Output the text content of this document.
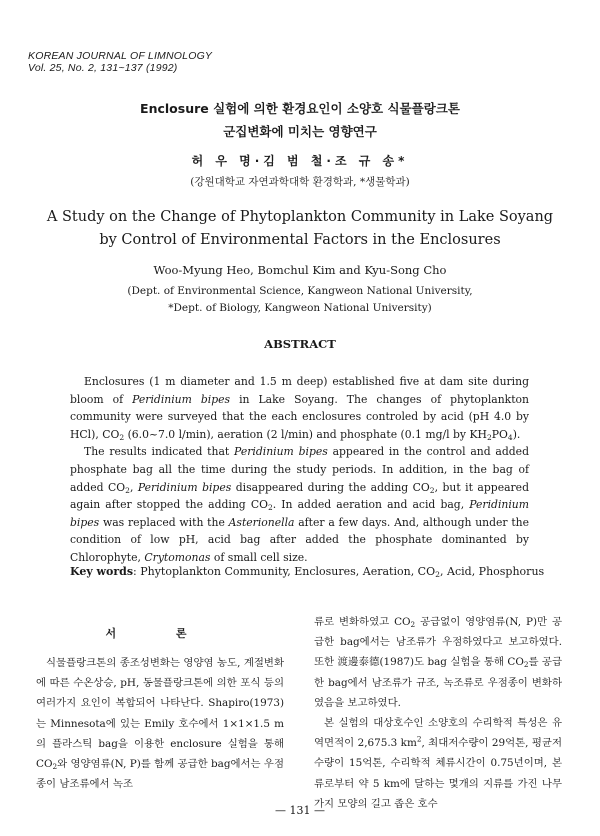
KOREAN JOURNAL OF LIMNOLOGY
Vol. 25, No. 2, 131~137 (1992)
Enclosure 실험에 의한 환경요인이 소양호 식물플랑크톤
군집변화에 미치는 영향연구
허 우 명·김 범 철·조 규 송*
(강원대학교 자연과학대학 환경학과, *생물학과)
A Study on the Change of Phytoplankton Community in Lake Soyang
by Control of Environmental Factors in the Enclosures
Woo-Myung Heo, Bomchul Kim and Kyu-Song Cho
(Dept. of Environmental Science, Kangweon National University,
*Dept. of Biology, Kangweon National University)
ABSTRACT

Enclosures (1 m diameter and 1.5 m deep) established five at dam site during bloom of Peridinium bipes in Lake Soyang. The changes of phytoplankton community were surveyed that the each enclosures controled by acid (pH 4.0 by HCl), $CO_2$ (6.0~7.0 l/min), aeration (2 l/min) and phosphate (0.1 mg/l by $KH_2PO_4$).

The results indicated that Peridinium bipes appeared in the control and added phosphate bag all the time during the study periods. In addition, in the bag of added $CO_2$, Peridinium bipes disappeared during the adding $CO_2$, but it appeared again after stopped the adding $CO_2$. In added aeration and acid bag, Peridinium bipes was replaced with the Asterionella after a few days. And, although under the condition of low pH, acid bag after added the phosphate dominanted by Chlorophyte, Crytomonas of small cell size.

Key words: Phytoplankton Community, Enclosures, Aeration, $CO_2$, Acid, Phosphorus
서 론

식물플랑크톤의 종조성변화는 영양염 농도, 계절변화에 따른 수온상승, pH, 동물플랑크톤에 의한 포식 등의 여러가지 요인이 복합되어 나타난다. Shapiro(1973)는 Minnesota에 있는 Emily 호수에서 1×1×1.5 m의 플라스틱 bag을 이용한 enclosure 실험을 통해 $CO_2$와 영양염류(N, P)를 함께 공급한 bag에서는 우점종이 남조류에서 녹조

류로 변화하였고 $CO_2$ 공급없이 영양염류(N, P)만 공급한 bag에서는 남조류가 우점하였다고 보고하였다. 또한 渡邊泰德(1987)도 bag 실험을 통해 $CO_2$를 공급한 bag에서 남조류가 규조, 녹조류로 우점종이 변화하였음을 보고하였다.

본 실험의 대상호수인 소양호의 수리학적 특성은 유역면적이 2,675.3 $km^2$, 최대저수량이 29억톤, 평균저수량이 15억톤, 수리학적 체류시간이 0.75년이며, 본류로부터 약 5 km에 달하는 몇개의 지류를 가진 나무가지 모양의 길고 좁은 호수

— 131 —
